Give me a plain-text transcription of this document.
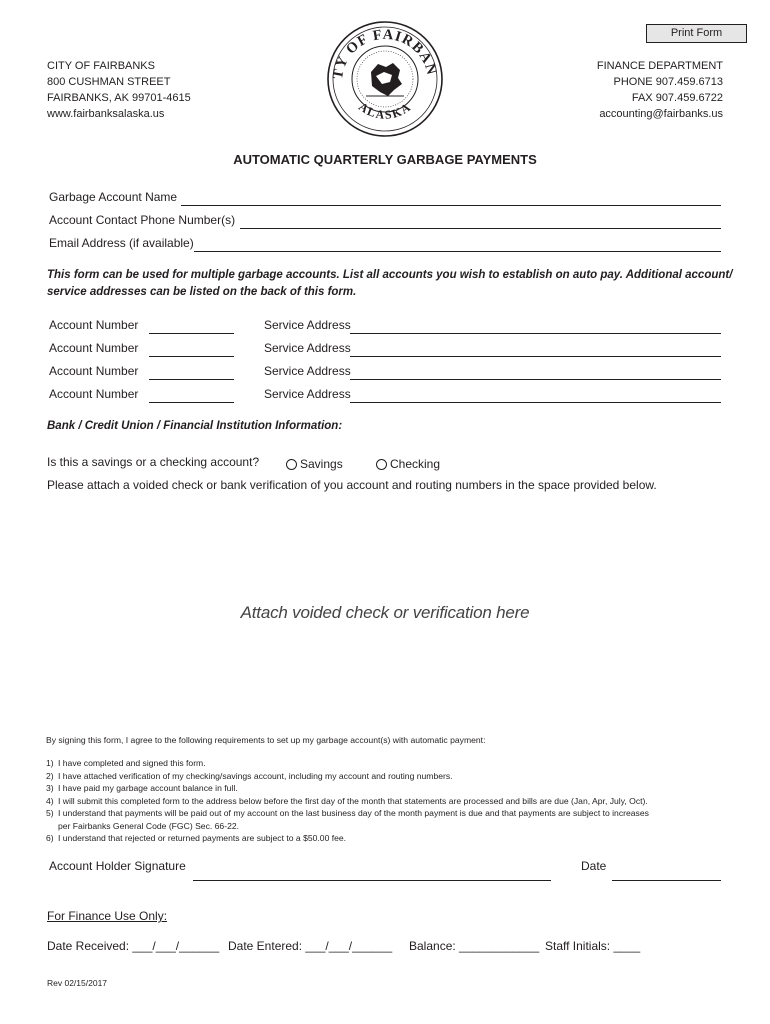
Print Form
CITY OF FAIRBANKS
800 CUSHMAN STREET
FAIRBANKS, AK 99701-4615
www.fairbanksalaska.us
FINANCE DEPARTMENT
PHONE 907.459.6713
FAX 907.459.6722
accounting@fairbanks.us
TY OF FAIRBAN
ALASKA
AUTOMATIC QUARTERLY GARBAGE PAYMENTS
Garbage Account Name
Account Contact Phone Number(s)
Email Address (if available)
This form can be used for multiple garbage accounts. List all accounts you wish to establish on auto pay. Additional account/
service addresses can be listed on the back of this form.
Account Number	Service Address
Account Number	Service Address
Account Number	Service Address
Account Number	Service Address
Bank / Credit Union / Financial Institution Information:
Is this a savings or a checking account?	Savings	Checking
Please attach a voided check or bank verification of you account and routing numbers in the space provided below.
Attach voided check or verification here
By signing this form, I agree to the following requirements to set up my garbage account(s) with automatic payment:
1) I have completed and signed this form.
2) I have attached verification of my checking/savings account, including my account and routing numbers.
3) I have paid my garbage account balance in full.
4) I will submit this completed form to the address below before the first day of the month that statements are processed and bills are due (Jan, Apr, July, Oct).
5) I understand that payments will be paid out of my account on the last business day of the month payment is due and that payments are subject to increases
per Fairbanks General Code (FGC) Sec. 66-22.
6) I understand that rejected or returned payments are subject to a $50.00 fee.
Account Holder Signature	Date
For Finance Use Only:
Date Received: ___/___/______ Date Entered: ___/___/______ Balance: ____________ Staff Initials: ____
Rev 02/15/2017
